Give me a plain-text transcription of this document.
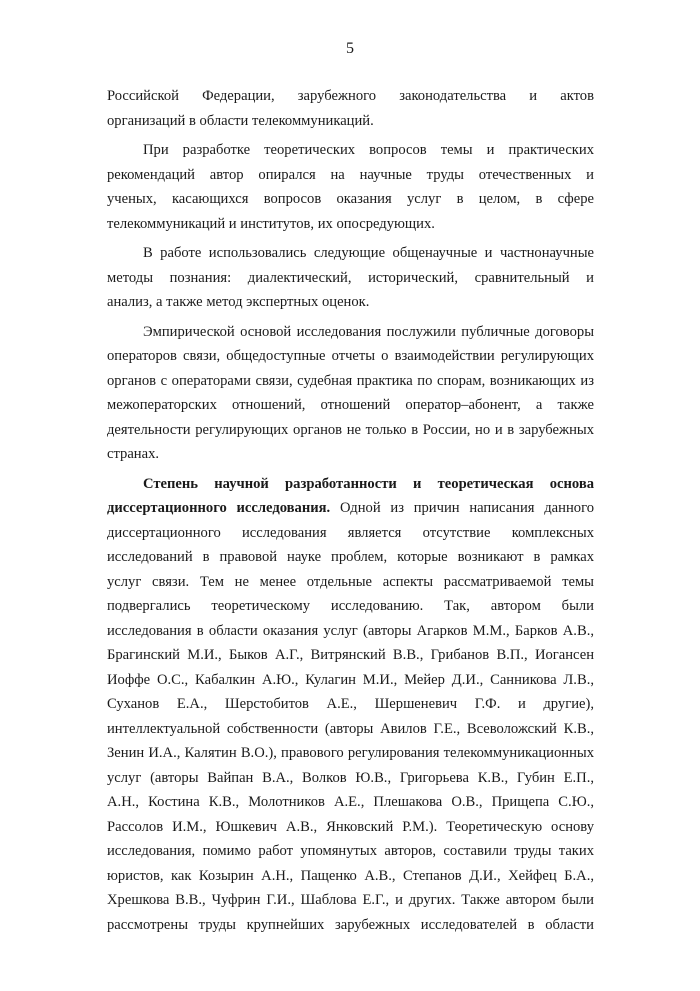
5
Российской Федерации, зарубежного законодательства и актов
организаций в области телекоммуникаций.
При разработке теоретических вопросов темы и практических
рекомендаций автор опирался на научные труды отечественных и
ученых, касающихся вопросов оказания услуг в целом, в сфере
телекоммуникаций и институтов, их опосредующих.
В работе использовались следующие общенаучные и частнонаучные
методы познания: диалектический, исторический, сравнительный и
анализ, а также метод экспертных оценок.
Эмпирической основой исследования послужили публичные договоры
операторов связи, общедоступные отчеты о взаимодействии регулирующих
органов с операторами связи, судебная практика по спорам, возникающих из
межоператорских отношений, отношений оператор–абонент, а также
деятельности регулирующих органов не только в России, но и в зарубежных
странах.
Степень научной разработанности и теоретическая основа
диссертационного исследования. Одной из причин написания данного
диссертационного исследования является отсутствие комплексных
исследований в правовой науке проблем, которые возникают в рамках
услуг связи. Тем не менее отдельные аспекты рассматриваемой темы
подвергались теоретическому исследованию. Так, автором были
исследования в области оказания услуг (авторы Агарков М.М., Барков А.В.,
Брагинский М.И., Быков А.Г., Витрянский В.В., Грибанов В.П., Иогансен
Иоффе О.С., Кабалкин А.Ю., Кулагин М.И., Мейер Д.И., Санникова Л.В.,
Суханов Е.А., Шерстобитов А.Е., Шершеневич Г.Ф. и другие),
интеллектуальной собственности (авторы Авилов Г.Е., Всеволожский К.В.,
Зенин И.А., Калятин В.О.), правового регулирования телекоммуникационных
услуг (авторы Вайпан В.А., Волков Ю.В., Григорьева К.В., Губин Е.П.,
А.Н., Костина К.В., Молотников А.Е., Плешакова О.В., Прищепа С.Ю.,
Рассолов И.М., Юшкевич А.В., Янковский Р.М.). Теоретическую основу
исследования, помимо работ упомянутых авторов, составили труды таких
юристов, как Козырин А.Н., Пащенко А.В., Степанов Д.И., Хейфец Б.А.,
Хрешкова В.В., Чуфрин Г.И., Шаблова Е.Г., и других. Также автором были
рассмотрены труды крупнейших зарубежных исследователей в области
